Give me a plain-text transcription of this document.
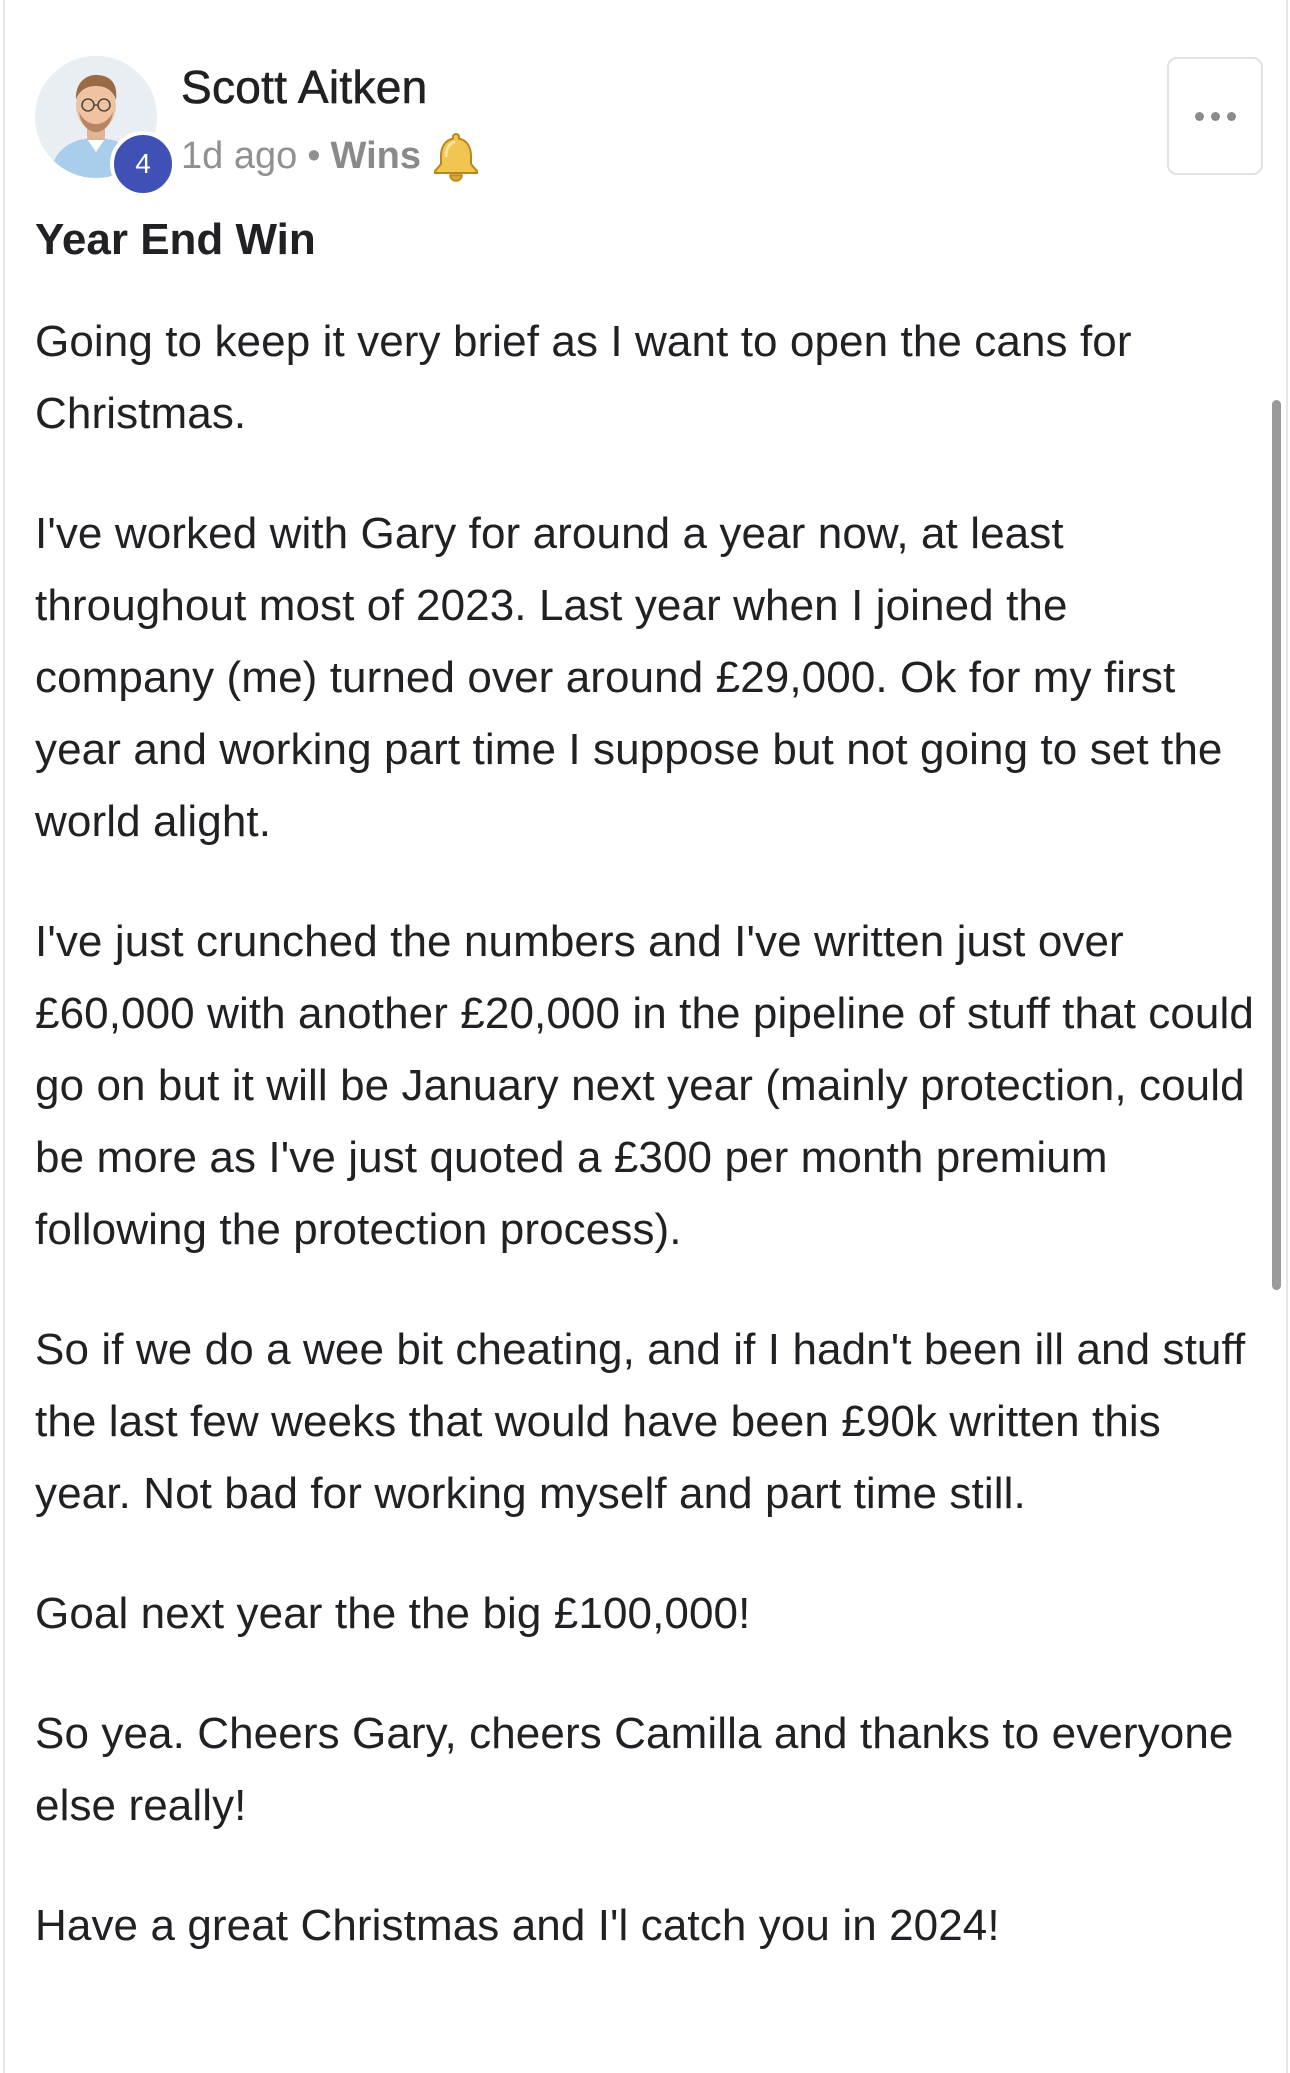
4
Scott Aitken
1d ago • Wins
Year End Win

Going to keep it very brief as I want to open the cans for Christmas.

I've worked with Gary for around a year now, at least throughout most of 2023. Last year when I joined the company (me) turned over around £29,000. Ok for my first year and working part time I suppose but not going to set the world alight.

I've just crunched the numbers and I've written just over £60,000 with another £20,000 in the pipeline of stuff that could go on but it will be January next year (mainly protection, could be more as I've just quoted a £300 per month premium following the protection process).

So if we do a wee bit cheating, and if I hadn't been ill and stuff the last few weeks that would have been £90k written this year. Not bad for working myself and part time still.

Goal next year the the big £100,000!

So yea. Cheers Gary, cheers Camilla and thanks to everyone else really!

Have a great Christmas and I'l catch you in 2024!
